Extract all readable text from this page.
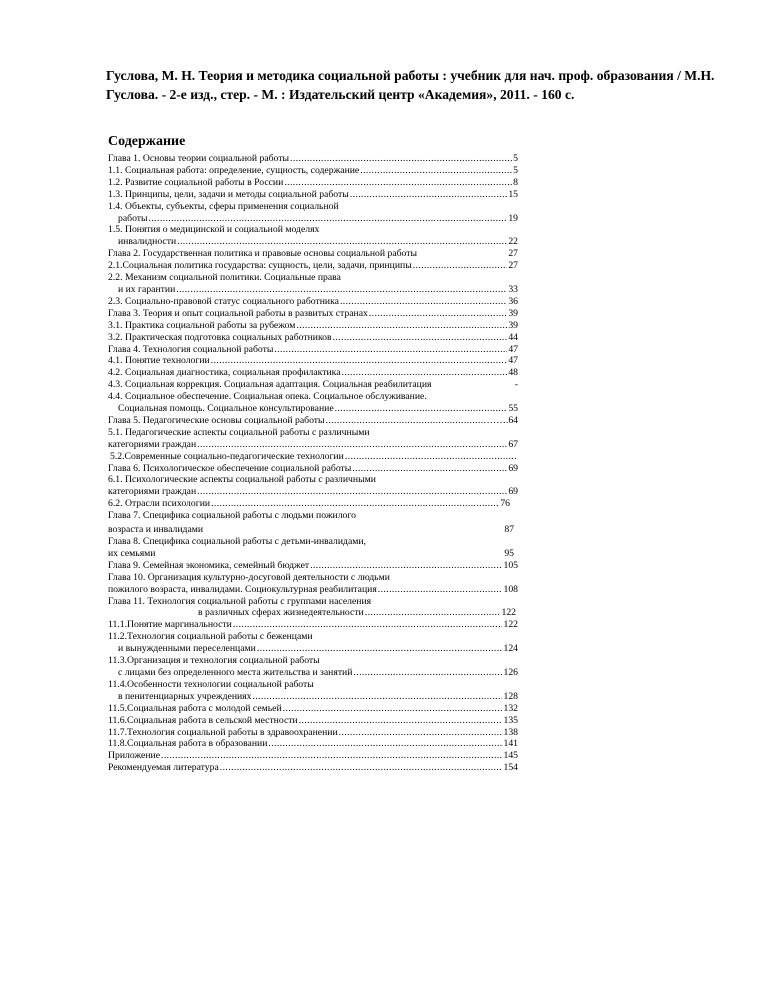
Гуслова, М. Н. Теория и методика социальной работы : учебник для нач. проф. образования / М.Н. Гуслова. - 2-е изд., стер. - М. : Издательский центр «Академия», 2011. - 160 с.

Содержание
Глава 1. Основы теории социальной работы .....	5
1.1. Социальная работа: определение, сущность, содержание .....	5
1.2. Развитие социальной работы в России .....	8
1.3. Принципы, цели, задачи и методы социальной работы .....	15
1.4. Объекты, субъекты, сферы применения социальной
работы .....	19
1.5. Понятия о медицинской и социальной моделях
инвалидности .....	22
Глава 2. Государственная политика и правовые основы социальной работы	27
2.1.Социальная политика государства: сущность, цели, задачи, принципы .....	27
2.2. Механизм социальной политики. Социальные права
и их гарантии .....	33
2.3. Социально-правовой статус социального работника .....	36
Глава 3. Теория и опыт социальной работы в развитых странах .....	39
3.1. Практика социальной работы за рубежом .....	39
3.2. Практическая подготовка социальных работников .....	44
Глава 4. Технология социальной работы .....	47
4.1. Понятие технологии .....	47
4.2. Социальная диагностика, социальная профилактика .....	48
4.3. Социальная коррекция. Социальная адаптация. Социальная реабилитация	-
4.4. Социальное обеспечение. Социальная опека. Социальное обслуживание.
Социальная помощь. Социальное консультирование .....	55
Глава 5. Педагогические основы социальной работы .....	…….64
5.1. Педагогические аспекты социальной работы с различными
категориями граждан .....	67
5.2.Современные социально-педагогические технологии
.....
Глава 6. Психологическое обеспечение социальной работы .....	69
6.1. Психологические аспекты социальной работы с различными
категориями граждан .....	69
6.2. Отрасли психологии .....	76
Глава 7. Специфика социальной работы с людьми пожилого
возраста и инвалидами	87
Глава 8. Специфика социальной работы с детьми-инвалидами,
их семьями	95
Глава 9. Семейная экономика, семейный бюджет .....	105
Глава 10. Организация культурно-досуговой деятельности с людьми
пожилого возраста, инвалидами. Социокультурная реабилитация .....	108
Глава 11. Технология социальной работы с группами населения
в различных сферах жизнедеятельности .....	122
11.1.Понятие маргинальности .....	122
11.2.Технология социальной работы с беженцами
и вынужденными переселенцами .....	124
11.3.Организация и технология социальной работы
с лицами без определенного места жительства и занятий .....	126
11.4.Особенности технологии социальной работы
в пенитенциарных учреждениях .....	128
11.5.Социальная работа с молодой семьей .....	132
11.6.Социальная работа в сельской местности .....	135
11.7.Технология социальной работы в здравоохранении .....	138
11.8.Социальная работа в образовании .....	141
Приложение .....	145
Рекомендуемая литература .....	154
